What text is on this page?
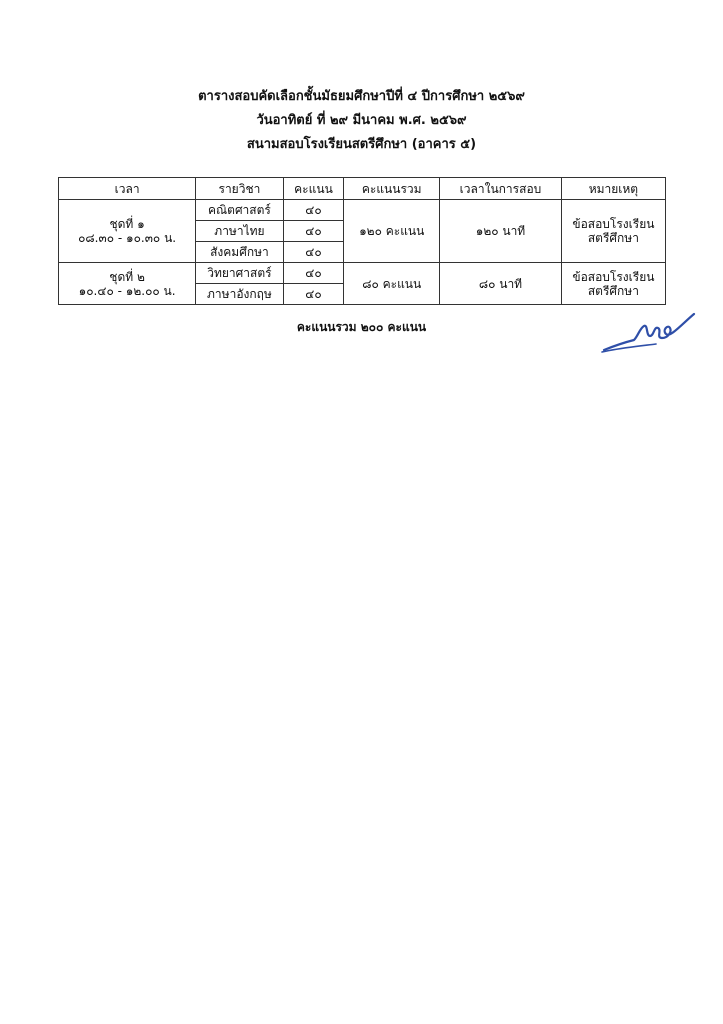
ตารางสอบคัดเลือกชั้นมัธยมศึกษาปีที่ ๔ ปีการศึกษา ๒๕๖๙

วันอาทิตย์ ที่ ๒๙ มีนาคม พ.ศ. ๒๕๖๙

สนามสอบโรงเรียนสตรีศึกษา (อาคาร ๕)

เวลา	รายวิชา	คะแนน	คะแนนรวม	เวลาในการสอบ	หมายเหตุ

ชุดที่ ๑
๐๘.๓๐ - ๑๐.๓๐ น.	คณิตศาสตร์	๔๐	๑๒๐ คะแนน	๑๒๐ นาที	ข้อสอบโรงเรียน
สตรีศึกษา

	ภาษาไทย	๔๐			
	สังคมศึกษา	๔๐			

ชุดที่ ๒
๑๐.๔๐ - ๑๒.๐๐ น.	วิทยาศาสตร์	๔๐	๘๐ คะแนน	๘๐ นาที	ข้อสอบโรงเรียน
สตรีศึกษา

	ภาษาอังกฤษ	๔๐			

คะแนนรวม ๒๐๐ คะแนน
